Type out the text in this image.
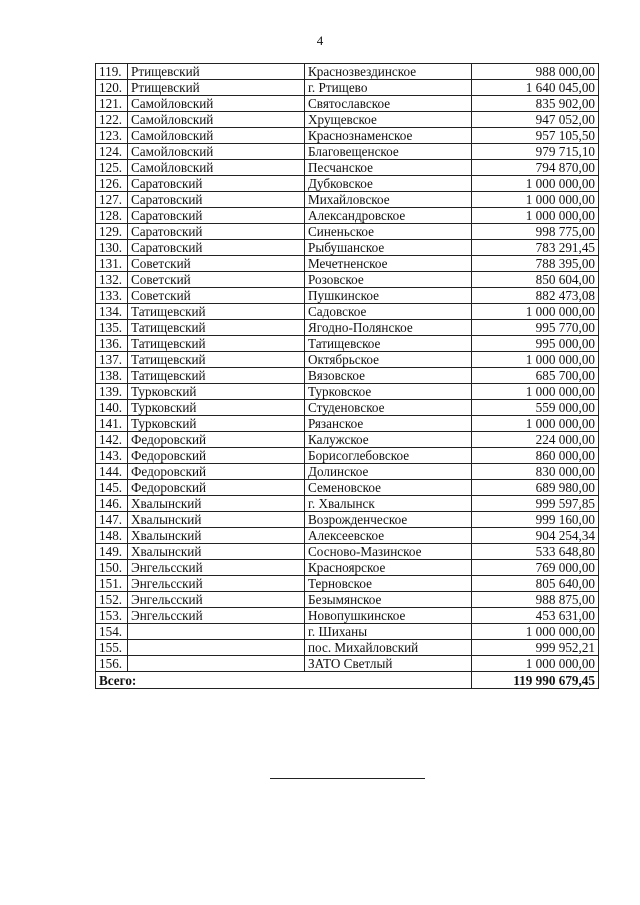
4
119.	Ртищевский	Краснозвездинское	988 000,00
120.	Ртищевский	г. Ртищево	1 640 045,00
121.	Самойловский	Святославское	835 902,00
122.	Самойловский	Хрущевское	947 052,00
123.	Самойловский	Краснознаменское	957 105,50
124.	Самойловский	Благовещенское	979 715,10
125.	Самойловский	Песчанское	794 870,00
126.	Саратовский	Дубковское	1 000 000,00
127.	Саратовский	Михайловское	1 000 000,00
128.	Саратовский	Александровское	1 000 000,00
129.	Саратовский	Синеньское	998 775,00
130.	Саратовский	Рыбушанское	783 291,45
131.	Советский	Мечетненское	788 395,00
132.	Советский	Розовское	850 604,00
133.	Советский	Пушкинское	882 473,08
134.	Татищевский	Садовское	1 000 000,00
135.	Татищевский	Ягодно-Полянское	995 770,00
136.	Татищевский	Татищевское	995 000,00
137.	Татищевский	Октябрьское	1 000 000,00
138.	Татищевский	Вязовское	685 700,00
139.	Турковский	Турковское	1 000 000,00
140.	Турковский	Студеновское	559 000,00
141.	Турковский	Рязанское	1 000 000,00
142.	Федоровский	Калужское	224 000,00
143.	Федоровский	Борисоглебовское	860 000,00
144.	Федоровский	Долинское	830 000,00
145.	Федоровский	Семеновское	689 980,00
146.	Хвалынский	г. Хвалынск	999 597,85
147.	Хвалынский	Возрожденческое	999 160,00
148.	Хвалынский	Алексеевское	904 254,34
149.	Хвалынский	Сосново-Мазинское	533 648,80
150.	Энгельсский	Красноярское	769 000,00
151.	Энгельсский	Терновское	805 640,00
152.	Энгельсский	Безымянское	988 875,00
153.	Энгельсский	Новопушкинское	453 631,00
154.		г. Шиханы	1 000 000,00
155.		пос. Михайловский	999 952,21
156.		ЗАТО Светлый	1 000 000,00
Всего:			119 990 679,45
